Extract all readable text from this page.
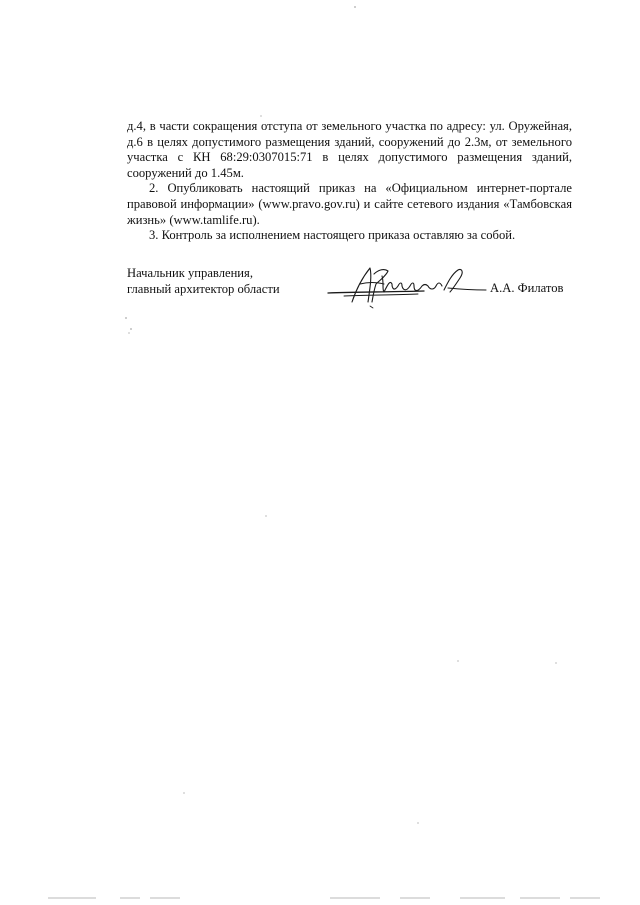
д.4, в части сокращения отступа от земельного участка по адресу: ул. Оружейная, д.6 в целях допустимого размещения зданий, сооружений до 2.3м, от земельного участка с КН 68:29:0307015:71 в целях допустимого размещения зданий, сооружений до 1.45м.

2. Опубликовать настоящий приказ на «Официальном интернет-портале правовой информации» (www.pravo.gov.ru) и сайте сетевого издания «Тамбовская жизнь» (www.tamlife.ru).

3. Контроль за исполнением настоящего приказа оставляю за собой.

Начальник управления,
главный архитектор области	А.А. Филатов
